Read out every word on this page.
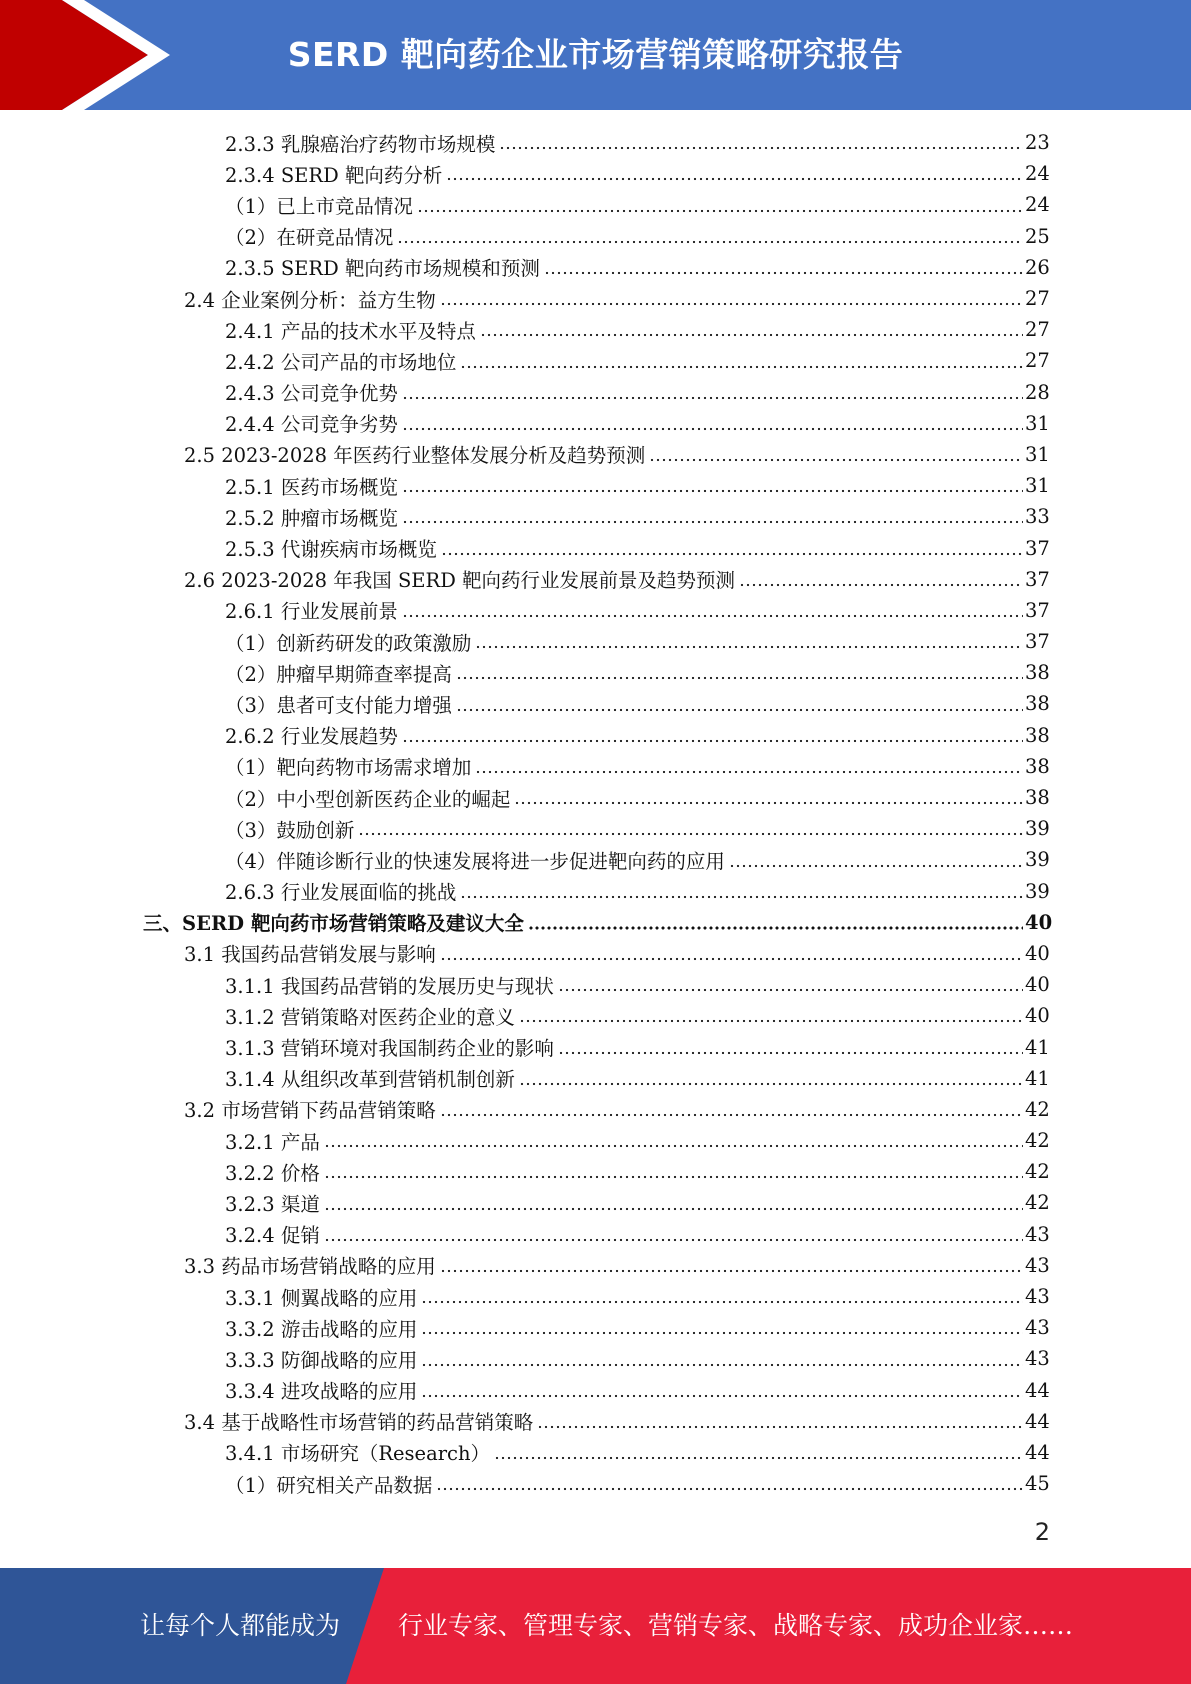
SERD 靶向药企业市场营销策略研究报告
2.3.3 乳腺癌治疗药物市场规模	23
2.3.4 SERD 靶向药分析	24
（1）已上市竞品情况	24
（2）在研竞品情况	25
2.3.5 SERD 靶向药市场规模和预测	26
2.4 企业案例分析：益方生物	27
2.4.1 产品的技术水平及特点	27
2.4.2 公司产品的市场地位	27
2.4.3 公司竞争优势	28
2.4.4 公司竞争劣势	31
2.5 2023-2028 年医药行业整体发展分析及趋势预测	31
2.5.1 医药市场概览	31
2.5.2 肿瘤市场概览	33
2.5.3 代谢疾病市场概览	37
2.6 2023-2028 年我国 SERD 靶向药行业发展前景及趋势预测	37
2.6.1 行业发展前景	37
（1）创新药研发的政策激励	37
（2）肿瘤早期筛查率提高	38
（3）患者可支付能力增强	38
2.6.2 行业发展趋势	38
（1）靶向药物市场需求增加	38
（2）中小型创新医药企业的崛起	38
（3）鼓励创新	39
（4）伴随诊断行业的快速发展将进一步促进靶向药的应用	39
2.6.3 行业发展面临的挑战	39
三、SERD 靶向药市场营销策略及建议大全	40
3.1 我国药品营销发展与影响	40
3.1.1 我国药品营销的发展历史与现状	40
3.1.2 营销策略对医药企业的意义	40
3.1.3 营销环境对我国制药企业的影响	41
3.1.4 从组织改革到营销机制创新	41
3.2 市场营销下药品营销策略	42
3.2.1 产品	42
3.2.2 价格	42
3.2.3 渠道	42
3.2.4 促销	43
3.3 药品市场营销战略的应用	43
3.3.1 侧翼战略的应用	43
3.3.2 游击战略的应用	43
3.3.3 防御战略的应用	43
3.3.4 进攻战略的应用	44
3.4 基于战略性市场营销的药品营销策略	44
3.4.1 市场研究（Research）	44
（1）研究相关产品数据	45
2
让每个人都能成为 行业专家、管理专家、营销专家、战略专家、成功企业家……
